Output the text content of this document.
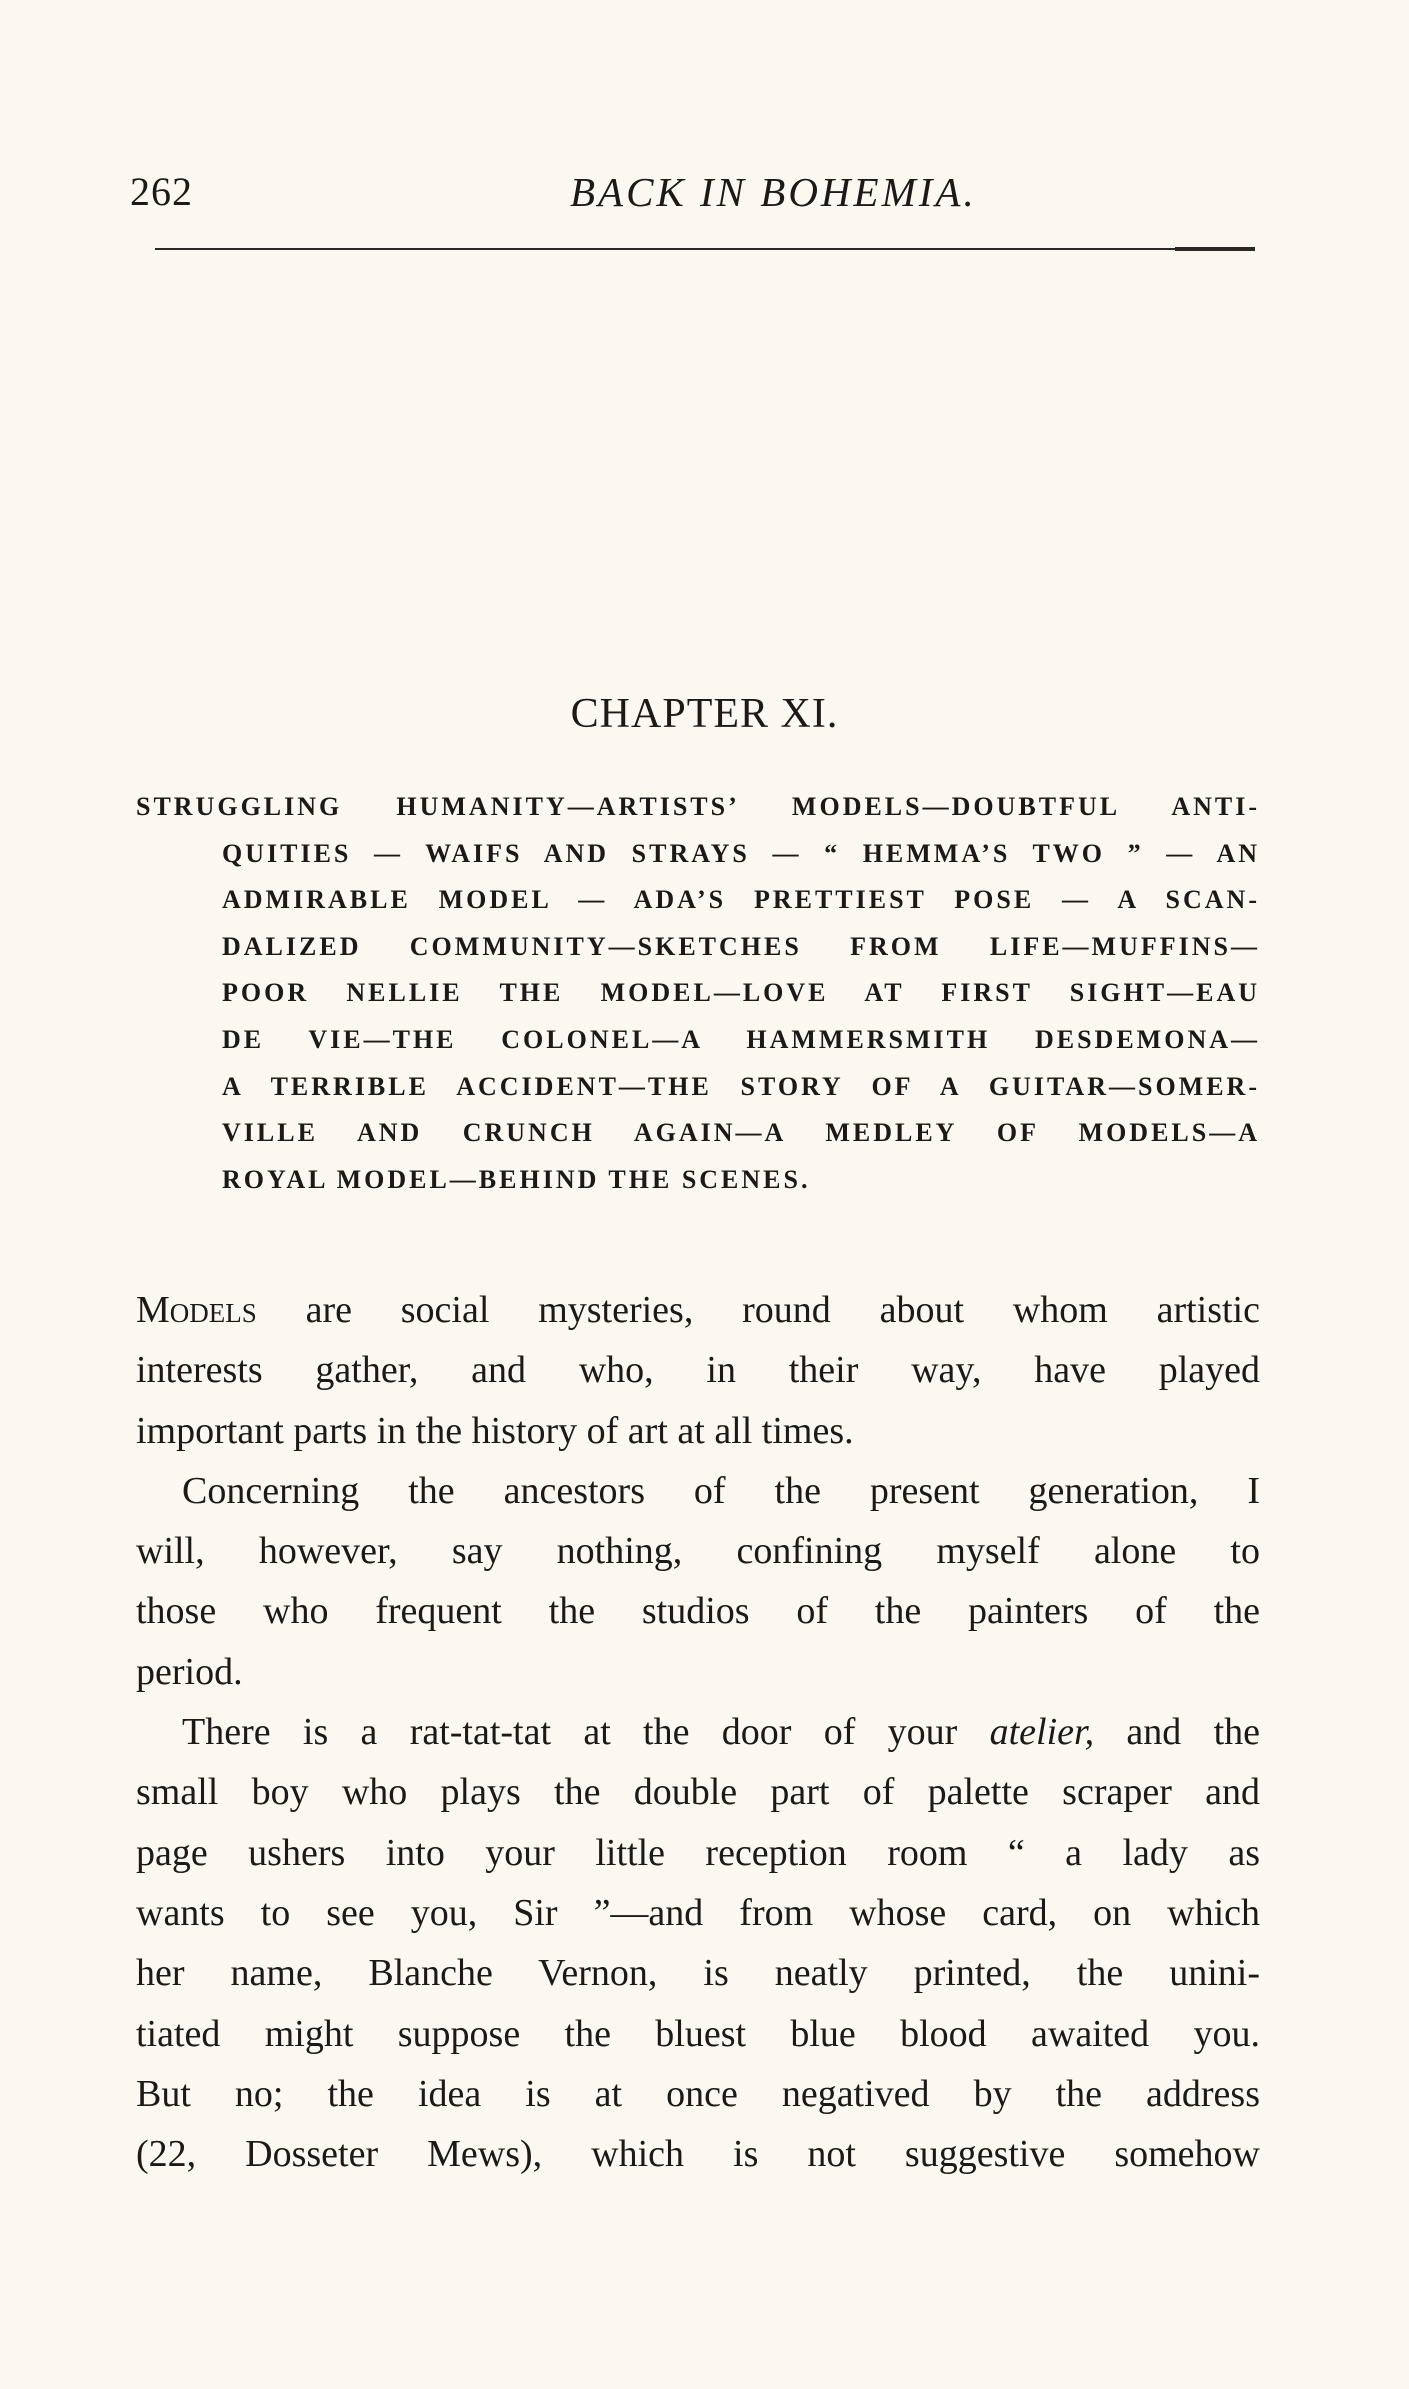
262	BACK IN BOHEMIA.
CHAPTER XI.
STRUGGLING HUMANITY—ARTISTS’ MODELS—DOUBTFUL ANTI-
QUITIES — WAIFS AND STRAYS — “ HEMMA’S TWO ” — AN
ADMIRABLE MODEL — ADA’S PRETTIEST POSE — A SCAN-
DALIZED COMMUNITY—SKETCHES FROM LIFE—MUFFINS—
POOR NELLIE THE MODEL—LOVE AT FIRST SIGHT—EAU
DE VIE—THE COLONEL—A HAMMERSMITH DESDEMONA—
A TERRIBLE ACCIDENT—THE STORY OF A GUITAR—SOMER-
VILLE AND CRUNCH AGAIN—A MEDLEY OF MODELS—A
ROYAL MODEL—BEHIND THE SCENES.
Models are social mysteries, round about whom artistic
interests gather, and who, in their way, have played
important parts in the history of art at all times.
Concerning the ancestors of the present generation, I
will, however, say nothing, confining myself alone to
those who frequent the studios of the painters of the
period.
There is a rat-tat-tat at the door of your atelier, and the
small boy who plays the double part of palette scraper and
page ushers into your little reception room “ a lady as
wants to see you, Sir ”—and from whose card, on which
her name, Blanche Vernon, is neatly printed, the unini-
tiated might suppose the bluest blue blood awaited you.
But no; the idea is at once negatived by the address
(22, Dosseter Mews), which is not suggestive somehow
